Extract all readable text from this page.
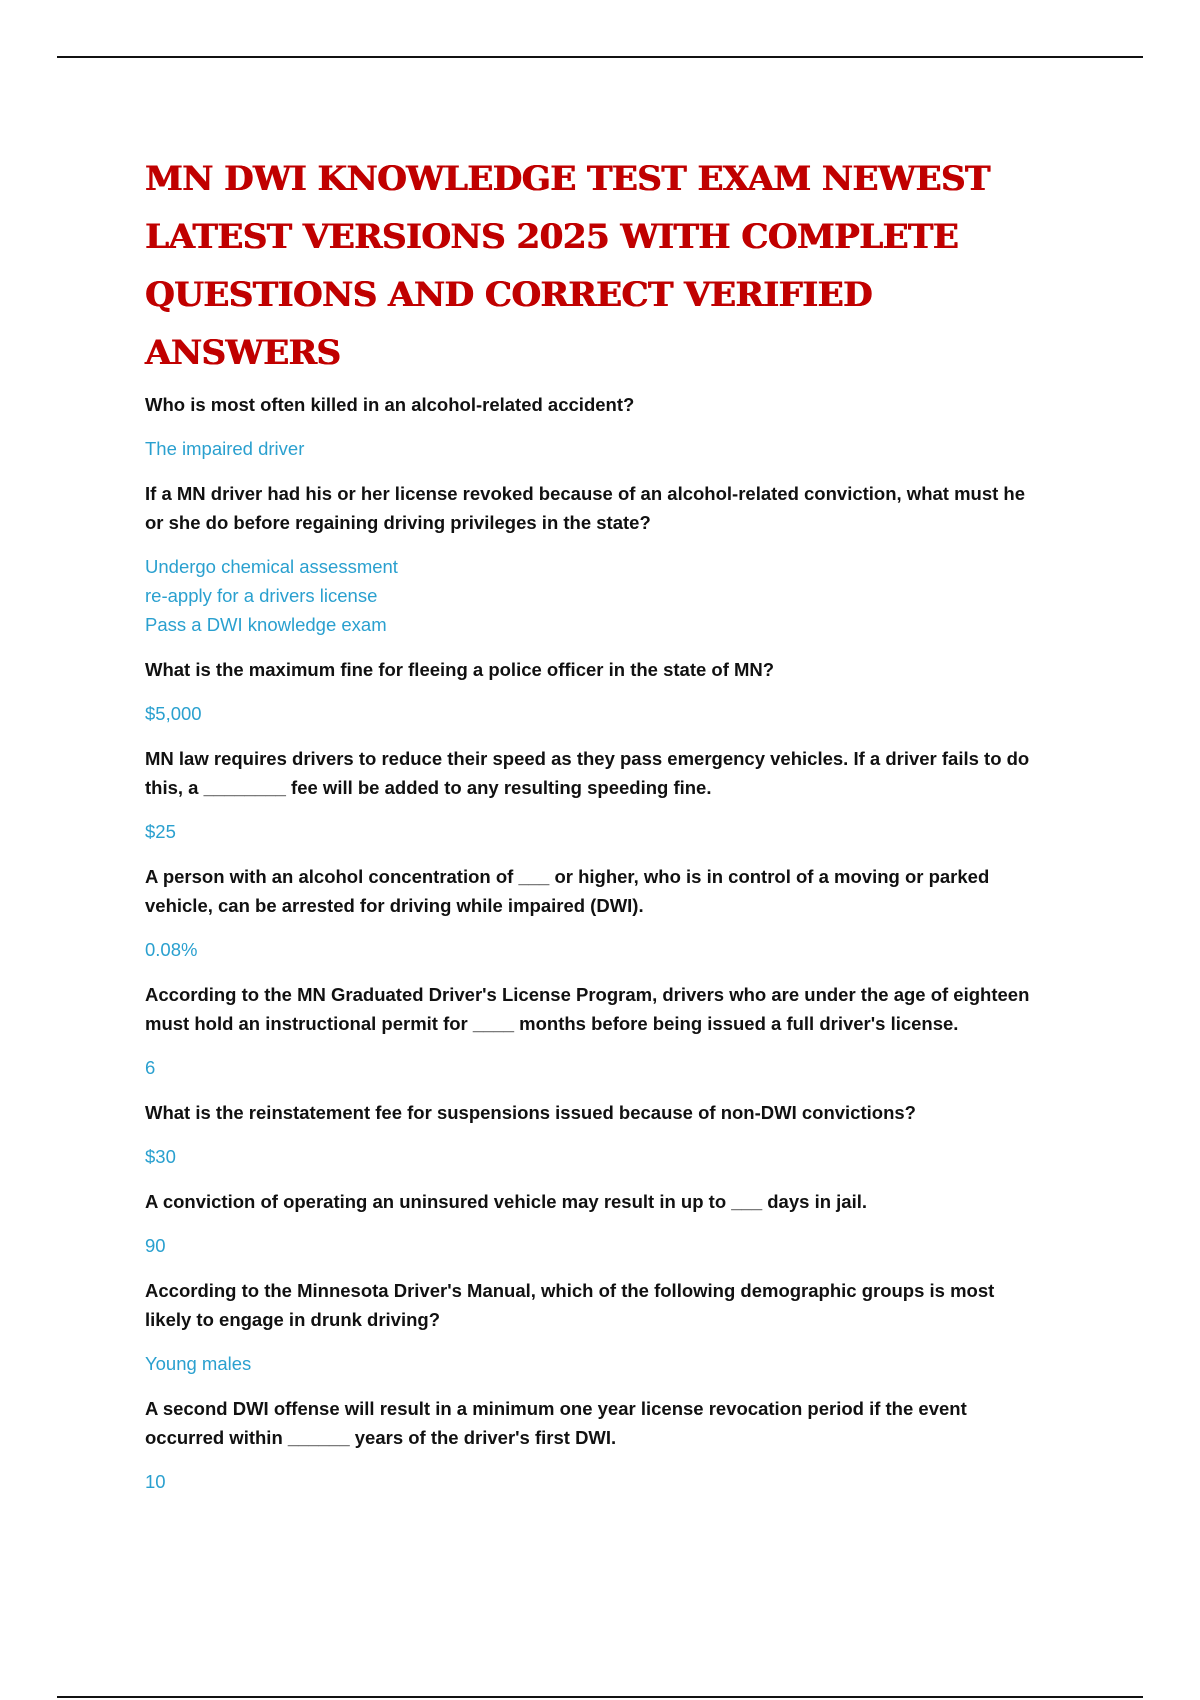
MN DWI KNOWLEDGE TEST EXAM NEWEST LATEST VERSIONS 2025 WITH COMPLETE QUESTIONS AND CORRECT VERIFIED ANSWERS

Who is most often killed in an alcohol-related accident?

The impaired driver

If a MN driver had his or her license revoked because of an alcohol-related conviction, what must he or she do before regaining driving privileges in the state?

Undergo chemical assessment
re-apply for a drivers license
Pass a DWI knowledge exam

What is the maximum fine for fleeing a police officer in the state of MN?

$5,000

MN law requires drivers to reduce their speed as they pass emergency vehicles. If a driver fails to do this, a ________ fee will be added to any resulting speeding fine.

$25

A person with an alcohol concentration of ___ or higher, who is in control of a moving or parked vehicle, can be arrested for driving while impaired (DWI).

0.08%

According to the MN Graduated Driver's License Program, drivers who are under the age of eighteen must hold an instructional permit for ____ months before being issued a full driver's license.

6

What is the reinstatement fee for suspensions issued because of non-DWI convictions?

$30

A conviction of operating an uninsured vehicle may result in up to ___ days in jail.

90

According to the Minnesota Driver's Manual, which of the following demographic groups is most likely to engage in drunk driving?

Young males

A second DWI offense will result in a minimum one year license revocation period if the event occurred within ______ years of the driver's first DWI.

10
